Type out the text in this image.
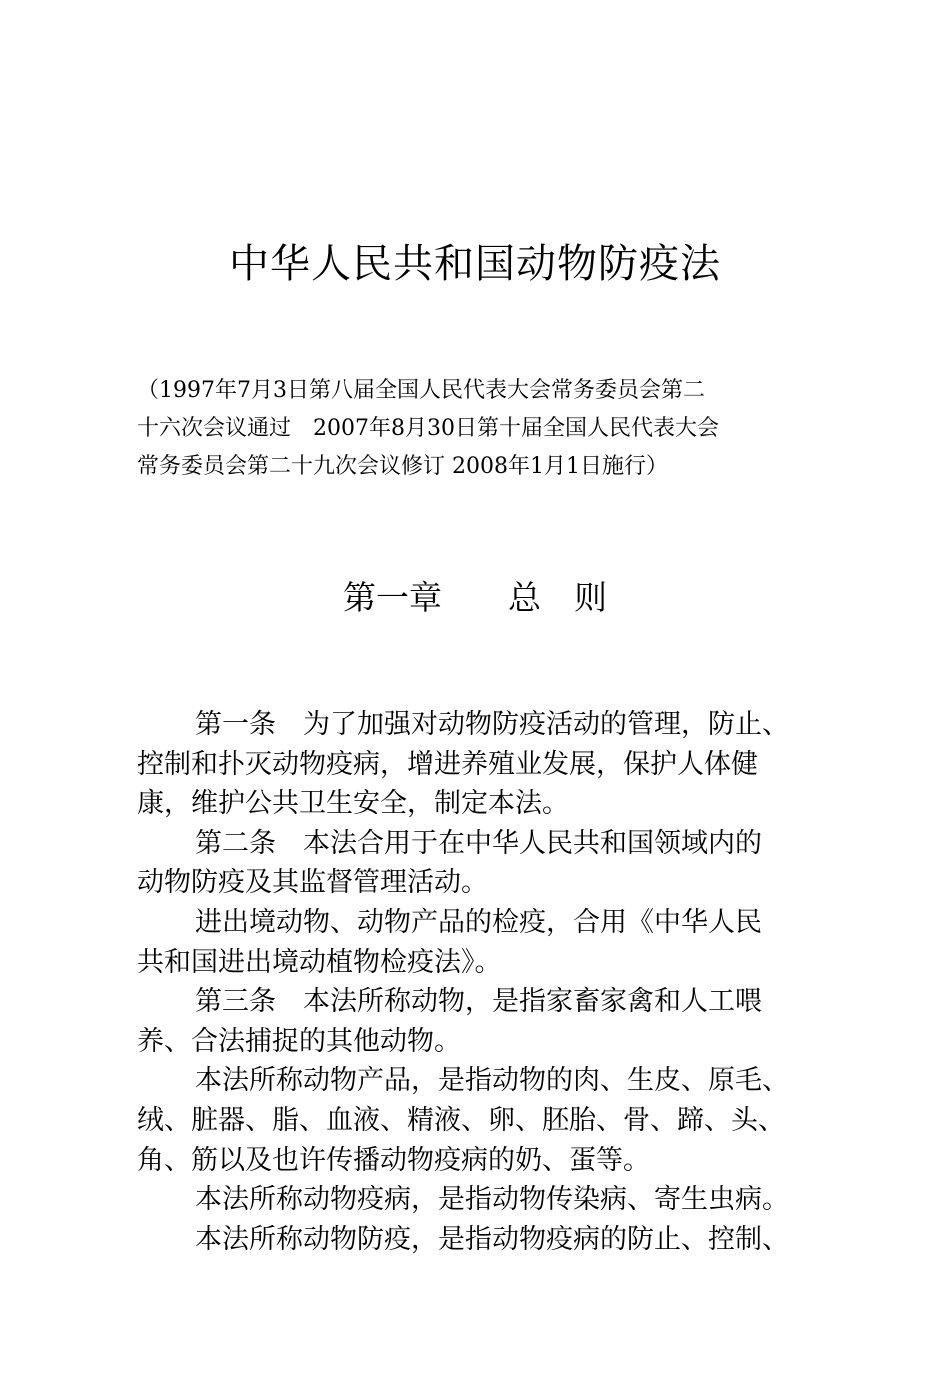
中华人民共和国动物防疫法
（1997年7月3日第八届全国人民代表大会常务委员会第二
十六次会议通过　2007年8月30日第十届全国人民代表大会
常务委员会第二十九次会议修订 2008年1月1日施行）
第一章　　总　则
第一条　为了加强对动物防疫活动的管理，防止、
控制和扑灭动物疫病，增进养殖业发展，保护人体健
康，维护公共卫生安全，制定本法。
第二条　本法合用于在中华人民共和国领域内的
动物防疫及其监督管理活动。
进出境动物、动物产品的检疫，合用《中华人民
共和国进出境动植物检疫法》。
第三条　本法所称动物，是指家畜家禽和人工喂
养、合法捕捉的其他动物。
本法所称动物产品，是指动物的肉、生皮、原毛、
绒、脏器、脂、血液、精液、卵、胚胎、骨、蹄、头、
角、筋以及也许传播动物疫病的奶、蛋等。
本法所称动物疫病，是指动物传染病、寄生虫病。
本法所称动物防疫，是指动物疫病的防止、控制、
